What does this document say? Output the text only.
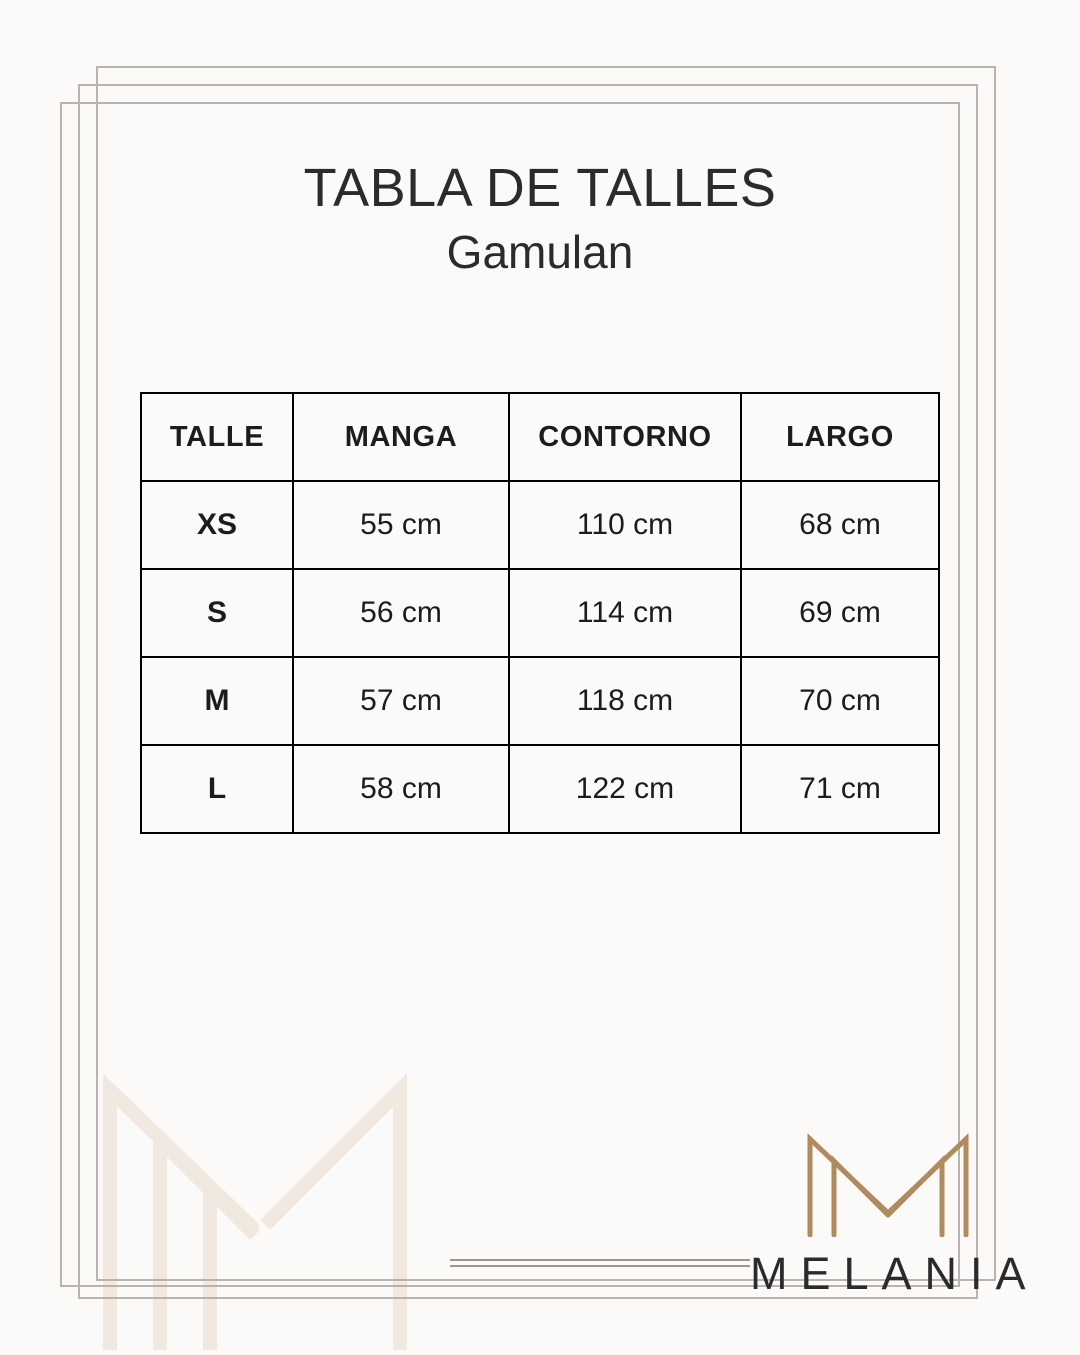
TABLA DE TALLES
Gamulan
TALLE	MANGA	CONTORNO	LARGO
XS	55 cm	110 cm	68 cm
S	56 cm	114 cm	69 cm
M	57 cm	118 cm	70 cm
L	58 cm	122 cm	71 cm
MELANIA
